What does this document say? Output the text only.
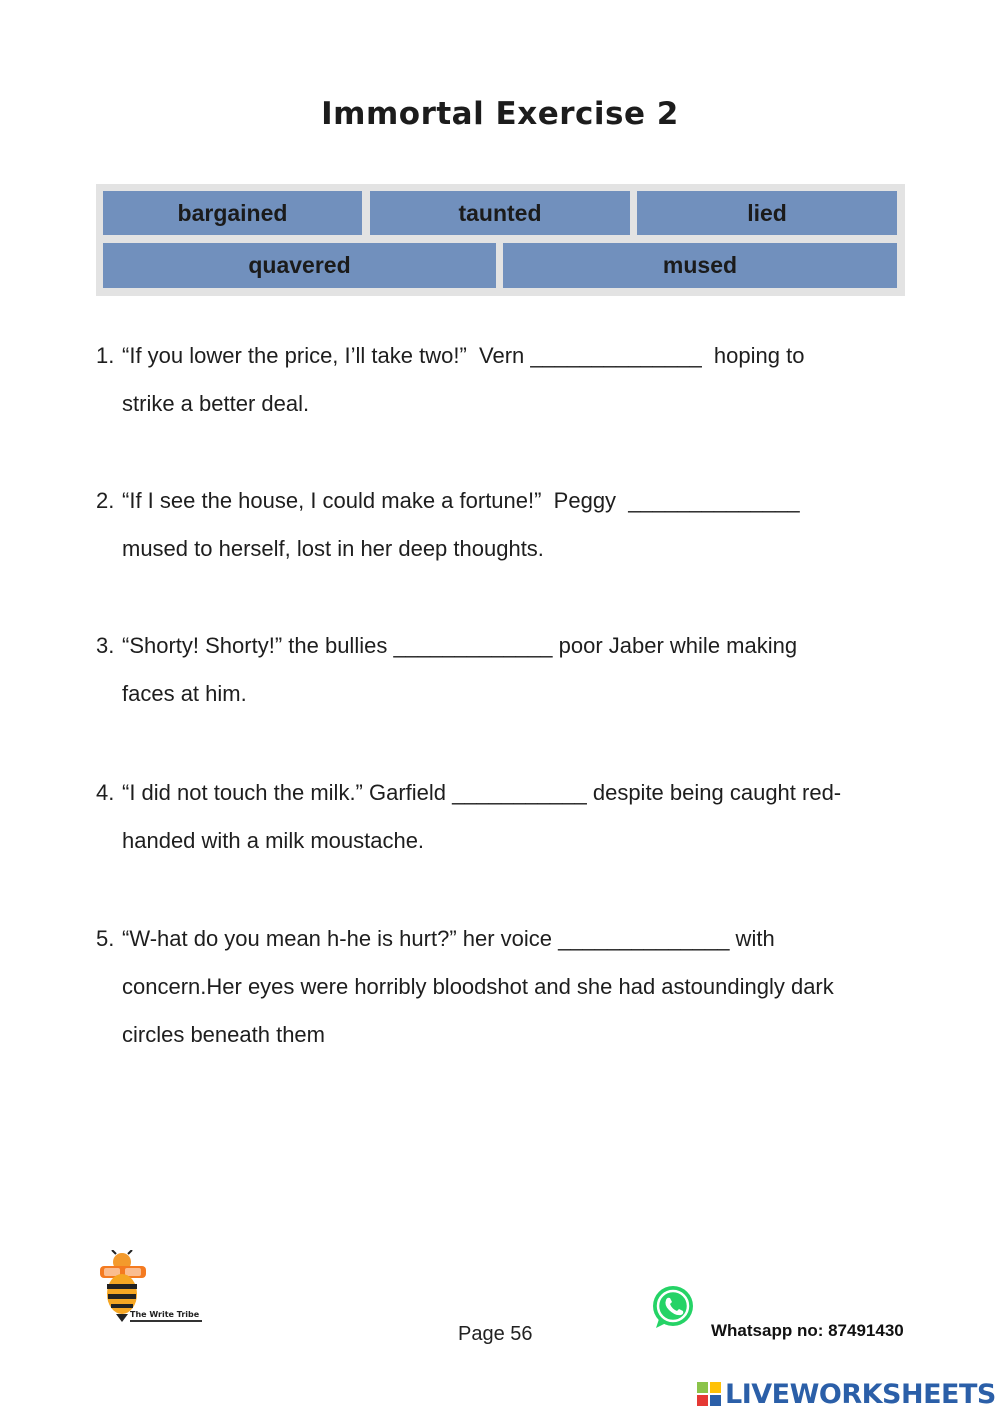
Immortal Exercise 2
bargained	taunted	lied
quavered	mused
1. “If you lower the price, I’ll take two!”  Vern ______________  hoping to
strike a better deal.
2. “If I see the house, I could make a fortune!”  Peggy  ______________
mused to herself, lost in her deep thoughts.
3. “Shorty! Shorty!” the bullies _____________ poor Jaber while making
faces at him.
4. “I did not touch the milk.” Garfield ___________ despite being caught red-
handed with a milk moustache.
5. “W-hat do you mean h-he is hurt?” her voice ______________ with
concern.Her eyes were horribly bloodshot and she had astoundingly dark
circles beneath them
The Write Tribe
Page 56	Whatsapp no: 87491430
LIVEWORKSHEETS
